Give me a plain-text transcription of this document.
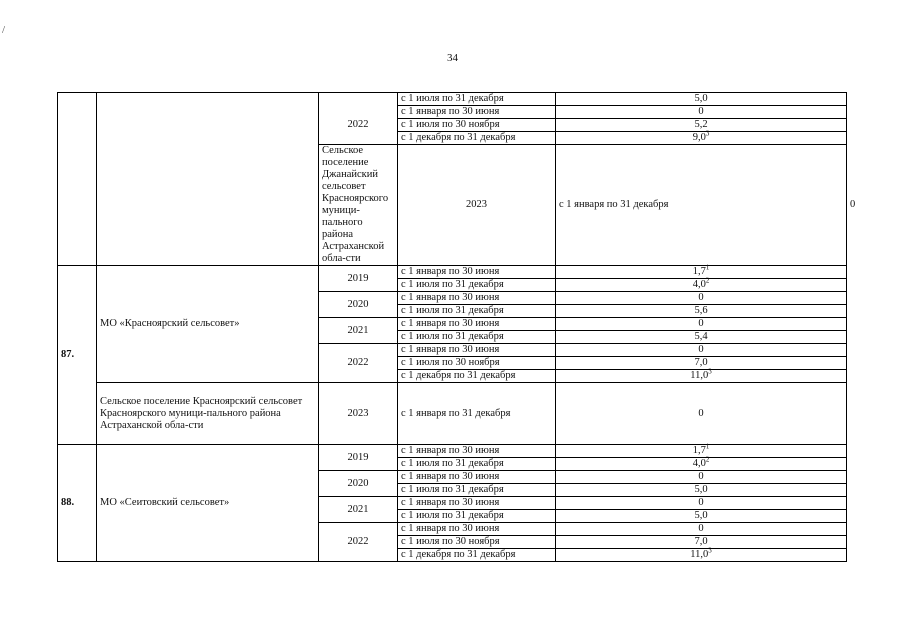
/
34
			с 1 июля по 31 декабря	5,0	
		2022	с 1 января по 30 июня	0	
			с 1 июля по 30 ноября	5,2	
			с 1 декабря по 31 декабря	$9,0^3$
		Сельское поселение Джанайский сельсовет Красноярского муници-пального района Астраханской обла-сти	2023	с 1 января по 31 декабря	0
87.	МО «Красноярский сельсовет»	2019	с 1 января по 30 июня	$1,7^1$
			с 1 июля по 31 декабря	$4,0^2$
		2020	с 1 января по 30 июня	0	
			с 1 июля по 31 декабря	5,6	
		2021	с 1 января по 30 июня	0	
			с 1 июля по 31 декабря	5,4	
		2022	с 1 января по 30 июня	0	
			с 1 июля по 30 ноября	7,0	
			с 1 декабря по 31 декабря	11,0$^3$
	Сельское поселение Красноярский сельсовет Красноярского муници-пального района Астраханской обла-сти	2023	с 1 января по 31 декабря	0	
88.	МО «Сеитовский сельсовет»	2019	с 1 января по 30 июня	$1,7^1$
			с 1 июля по 31 декабря	$4,0^2$
		2020	с 1 января по 30 июня	0	
			с 1 июля по 31 декабря	5,0	
		2021	с 1 января по 30 июня	0	
			с 1 июля по 31 декабря	5,0	
		2022	с 1 января по 30 июня	0	
			с 1 июля по 30 ноября	7,0	
			с 1 декабря по 31 декабря	11,0$^3$
